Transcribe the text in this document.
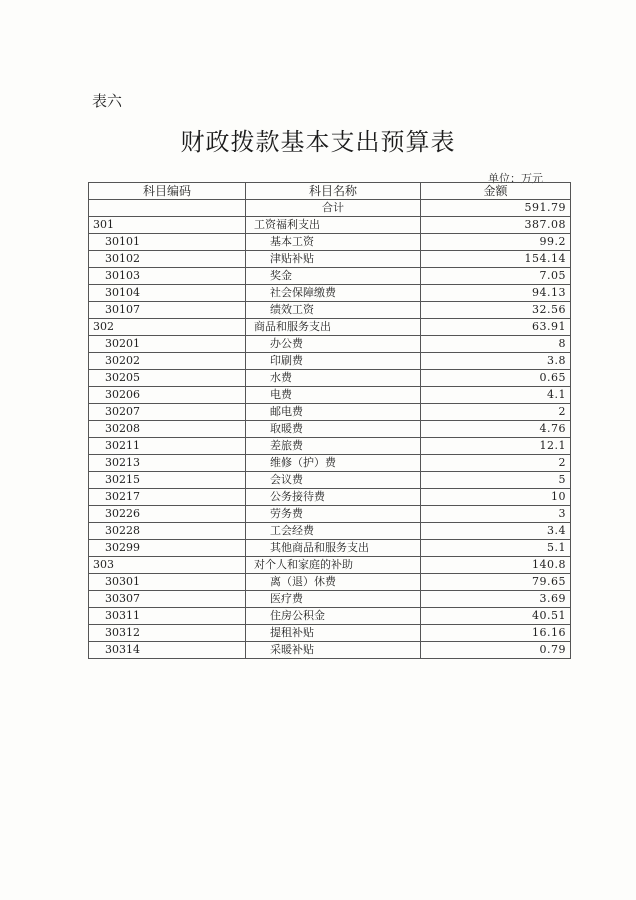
表六
财政拨款基本支出预算表
单位：万元
科目编码	科目名称	金额
	合计	591.79
301	工资福利支出	387.08
30101	基本工资	99.2
30102	津贴补贴	154.14
30103	奖金	7.05
30104	社会保障缴费	94.13
30107	绩效工资	32.56
302	商品和服务支出	63.91
30201	办公费	8
30202	印刷费	3.8
30205	水费	0.65
30206	电费	4.1
30207	邮电费	2
30208	取暖费	4.76
30211	差旅费	12.1
30213	维修（护）费	2
30215	会议费	5
30217	公务接待费	10
30226	劳务费	3
30228	工会经费	3.4
30299	其他商品和服务支出	5.1
303	对个人和家庭的补助	140.8
30301	离（退）休费	79.65
30307	医疗费	3.69
30311	住房公积金	40.51
30312	提租补贴	16.16
30314	采暖补贴	0.79
